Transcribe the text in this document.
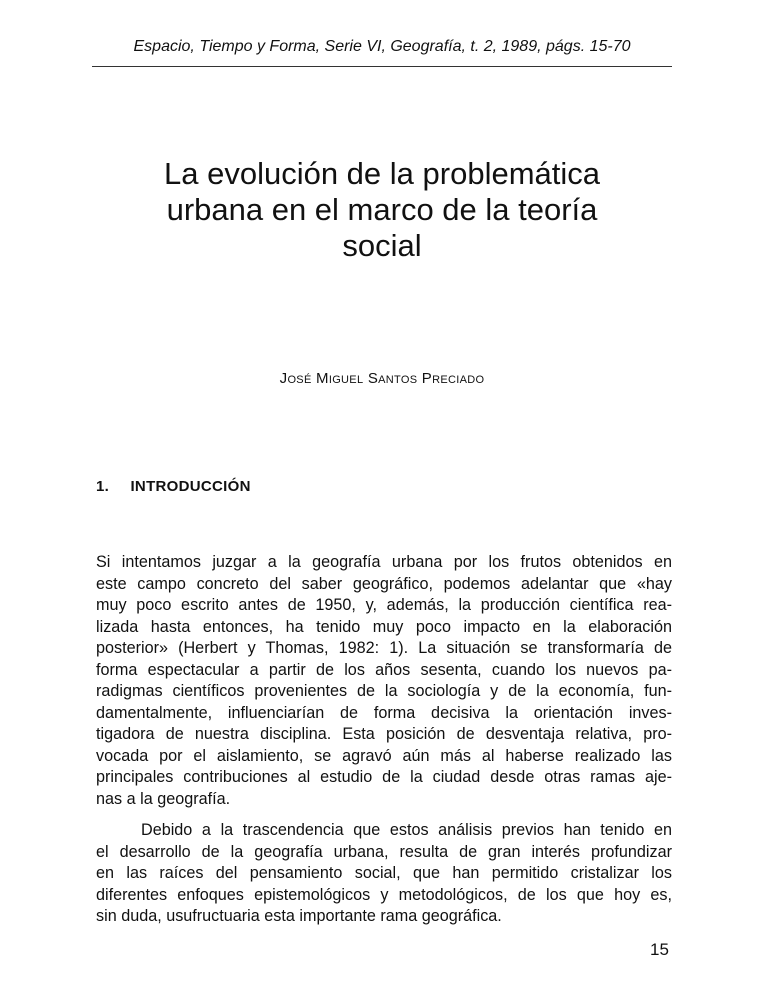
Espacio, Tiempo y Forma, Serie VI, Geografía, t. 2, 1989, págs. 15-70
La evolución de la problemática
urbana en el marco de la teoría
social
José Miguel Santos Preciado
1. INTRODUCCIÓN
Si intentamos juzgar a la geografía urbana por los frutos obtenidos en
este campo concreto del saber geográfico, podemos adelantar que «hay
muy poco escrito antes de 1950, y, además, la producción científica rea-
lizada hasta entonces, ha tenido muy poco impacto en la elaboración
posterior» (Herbert y Thomas, 1982: 1). La situación se transformaría de
forma espectacular a partir de los años sesenta, cuando los nuevos pa-
radigmas científicos provenientes de la sociología y de la economía, fun-
damentalmente, influenciarían de forma decisiva la orientación inves-
tigadora de nuestra disciplina. Esta posición de desventaja relativa, pro-
vocada por el aislamiento, se agravó aún más al haberse realizado las
principales contribuciones al estudio de la ciudad desde otras ramas aje-
nas a la geografía.
Debido a la trascendencia que estos análisis previos han tenido en
el desarrollo de la geografía urbana, resulta de gran interés profundizar
en las raíces del pensamiento social, que han permitido cristalizar los
diferentes enfoques epistemológicos y metodológicos, de los que hoy es,
sin duda, usufructuaria esta importante rama geográfica.
15
